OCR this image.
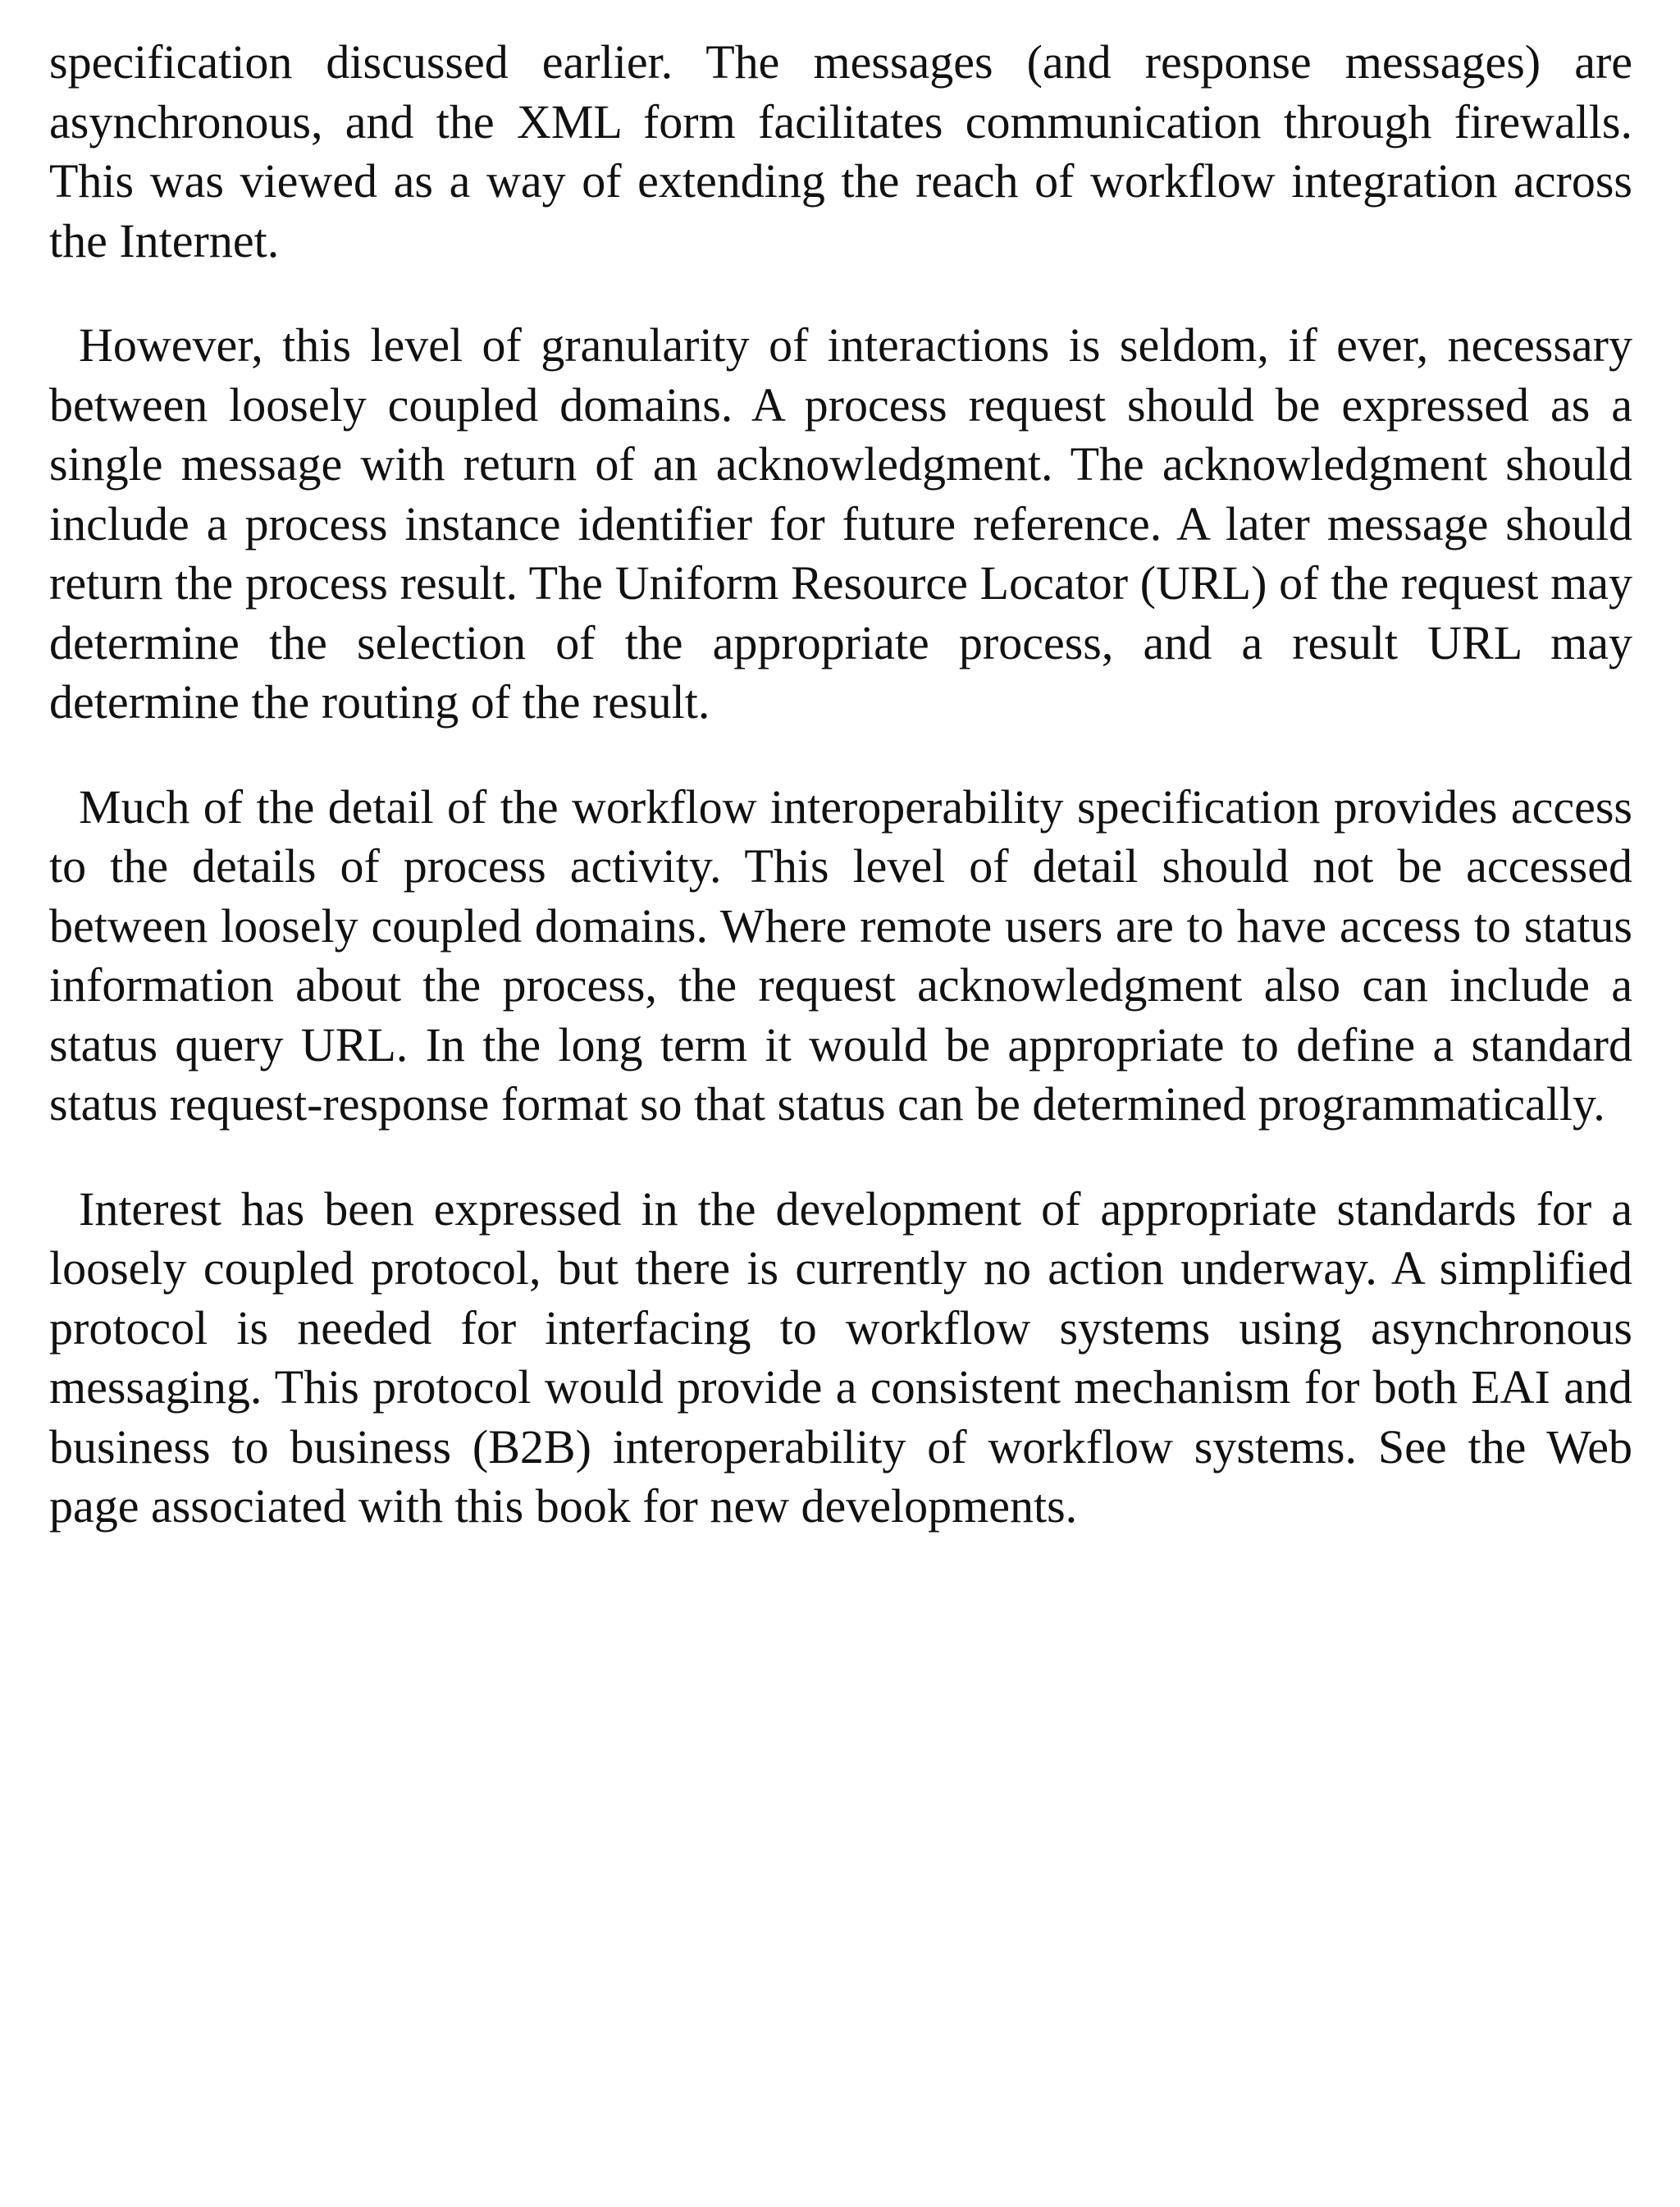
specification discussed earlier. The messages (and response messages) are asynchronous, and the XML form facilitates communication through firewalls. This was viewed as a way of extending the reach of workflow integration across the Internet.

However, this level of granularity of interactions is seldom, if ever, necessary between loosely coupled domains. A process request should be expressed as a single message with return of an acknowledgment. The acknowledgment should include a process instance identifier for future reference. A later message should return the process result. The Uniform Resource Locator (URL) of the request may determine the selection of the appropriate process, and a result URL may determine the routing of the result.

Much of the detail of the workflow interoperability specification provides access to the details of process activity. This level of detail should not be accessed between loosely coupled domains. Where remote users are to have access to status information about the process, the request acknowledgment also can include a status query URL. In the long term it would be appropriate to define a standard status request-response format so that status can be determined programmatically.

Interest has been expressed in the development of appropriate standards for a loosely coupled protocol, but there is currently no action underway. A simplified protocol is needed for interfacing to workflow systems using asynchronous messaging. This protocol would provide a consistent mechanism for both EAI and business to business (B2B) interoperability of workflow systems. See the Web page associated with this book for new developments.
